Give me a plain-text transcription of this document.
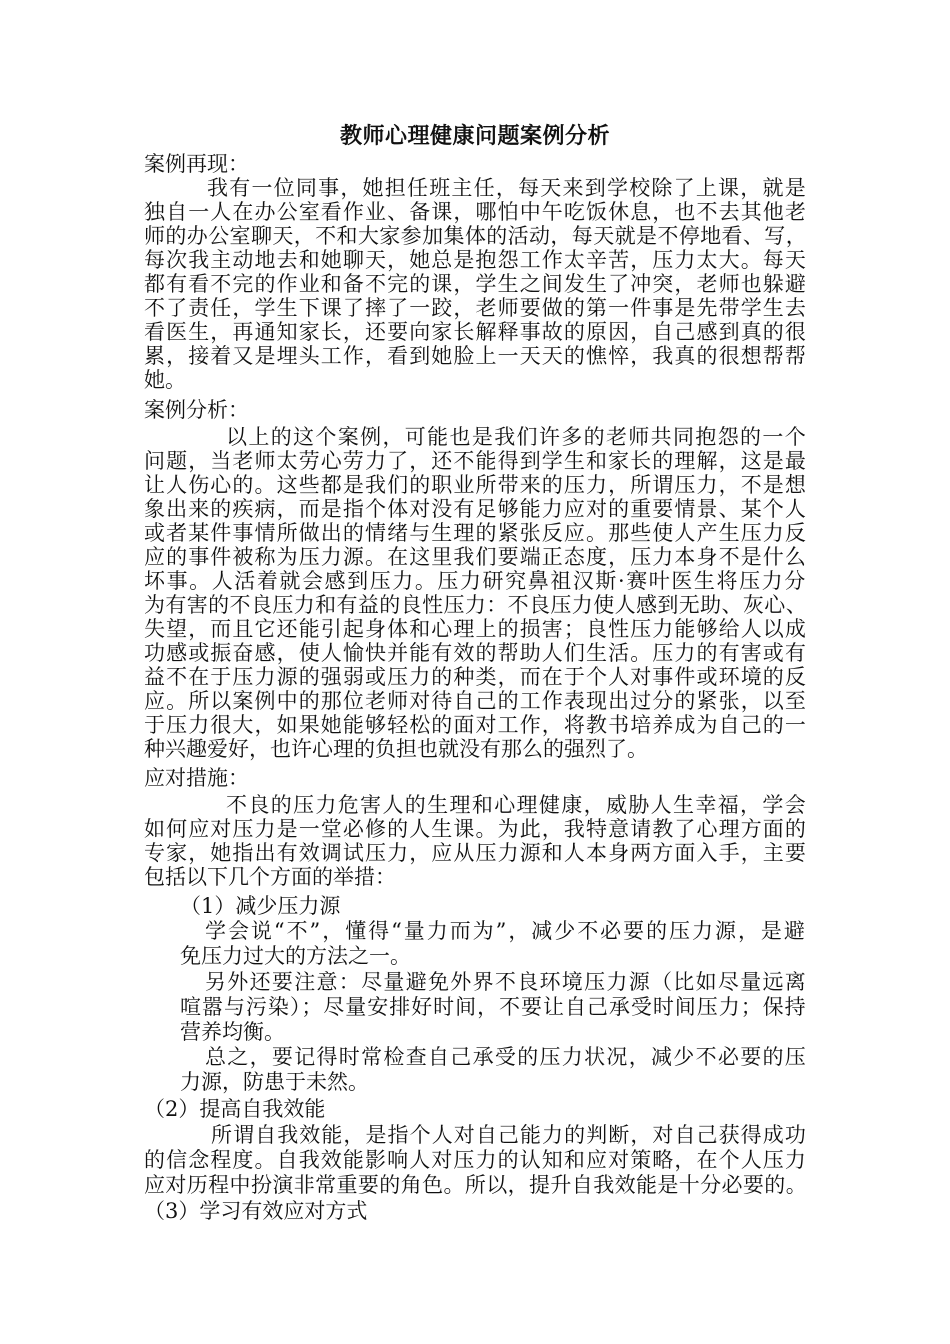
教师心理健康问题案例分析
案例再现：
我有一位同事，她担任班主任，每天来到学校除了上课，就是
独自一人在办公室看作业、备课，哪怕中午吃饭休息，也不去其他老
师的办公室聊天，不和大家参加集体的活动，每天就是不停地看、写，
每次我主动地去和她聊天，她总是抱怨工作太辛苦，压力太大。每天
都有看不完的作业和备不完的课，学生之间发生了冲突，老师也躲避
不了责任，学生下课了摔了一跤，老师要做的第一件事是先带学生去
看医生，再通知家长，还要向家长解释事故的原因，自己感到真的很
累，接着又是埋头工作，看到她脸上一天天的憔悴，我真的很想帮帮
她。
案例分析：
以上的这个案例，可能也是我们许多的老师共同抱怨的一个
问题，当老师太劳心劳力了，还不能得到学生和家长的理解，这是最
让人伤心的。这些都是我们的职业所带来的压力，所谓压力，不是想
象出来的疾病，而是指个体对没有足够能力应对的重要情景、某个人
或者某件事情所做出的情绪与生理的紧张反应。那些使人产生压力反
应的事件被称为压力源。在这里我们要端正态度，压力本身不是什么
坏事。人活着就会感到压力。压力研究鼻祖汉斯·赛叶医生将压力分
为有害的不良压力和有益的良性压力：不良压力使人感到无助、灰心、
失望，而且它还能引起身体和心理上的损害；良性压力能够给人以成
功感或振奋感，使人愉快并能有效的帮助人们生活。压力的有害或有
益不在于压力源的强弱或压力的种类，而在于个人对事件或环境的反
应。所以案例中的那位老师对待自己的工作表现出过分的紧张，以至
于压力很大，如果她能够轻松的面对工作，将教书培养成为自己的一
种兴趣爱好，也许心理的负担也就没有那么的强烈了。
应对措施：
不良的压力危害人的生理和心理健康，威胁人生幸福，学会
如何应对压力是一堂必修的人生课。为此，我特意请教了心理方面的
专家，她指出有效调试压力，应从压力源和人本身两方面入手，主要
包括以下几个方面的举措：
（1）减少压力源
学会说“不”，懂得“量力而为”，减少不必要的压力源，是避
免压力过大的方法之一。
另外还要注意：尽量避免外界不良环境压力源（比如尽量远离
喧嚣与污染）；尽量安排好时间，不要让自己承受时间压力；保持
营养均衡。
总之，要记得时常检查自己承受的压力状况，减少不必要的压
力源，防患于未然。
（2）提高自我效能
所谓自我效能，是指个人对自己能力的判断，对自己获得成功
的信念程度。自我效能影响人对压力的认知和应对策略，在个人压力
应对历程中扮演非常重要的角色。所以，提升自我效能是十分必要的。
（3）学习有效应对方式
